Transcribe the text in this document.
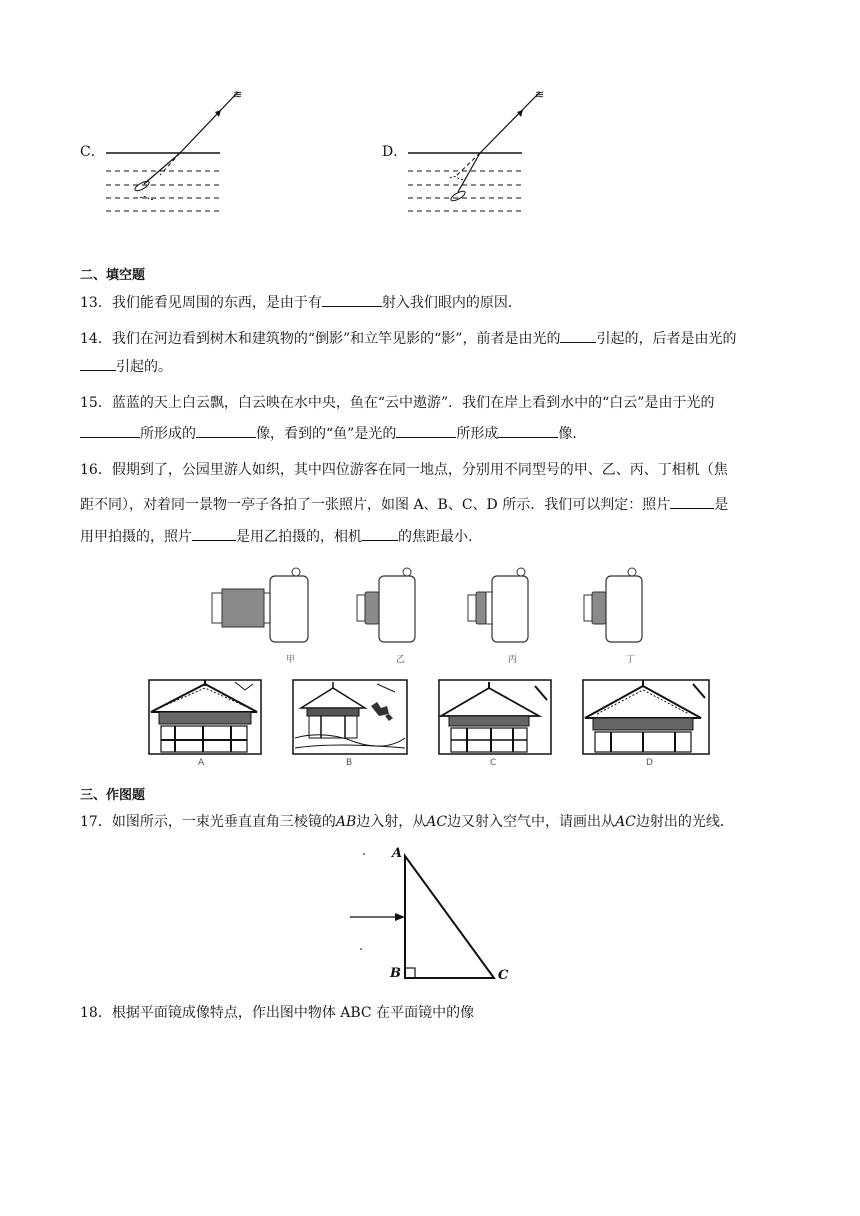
C．
≋
D．
≋
二、填空题
13．我们能看见周围的东西，是由于有	射入我们眼内的原因．
14．我们在河边看到树木和建筑物的“倒影”和立竿见影的“影”，前者是由光的	引起的，后者是由光的
引起的。
15．蓝蓝的天上白云飘，白云映在水中央，鱼在“云中遨游”．我们在岸上看到水中的“白云”是由于光的
所形成的	像，看到的“鱼”是光的	所形成	像．
16．假期到了，公园里游人如织，其中四位游客在同一地点，分别用不同型号的甲、乙、丙、丁相机（焦
距不同），对着同一景物一亭子各拍了一张照片，如图 A、B、C、D 所示．我们可以判定：照片	是
用甲拍摄的，照片	是用乙拍摄的，相机	的焦距最小.
甲	乙	丙	丁
A	B	C	D
三、作图题
17．如图所示，一束光垂直直角三棱镜的AB边入射，从AC边又射入空气中，请画出从AC边射出的光线．
A
B	C
18．根据平面镜成像特点，作出图中物体 ABC 在平面镜中的像
